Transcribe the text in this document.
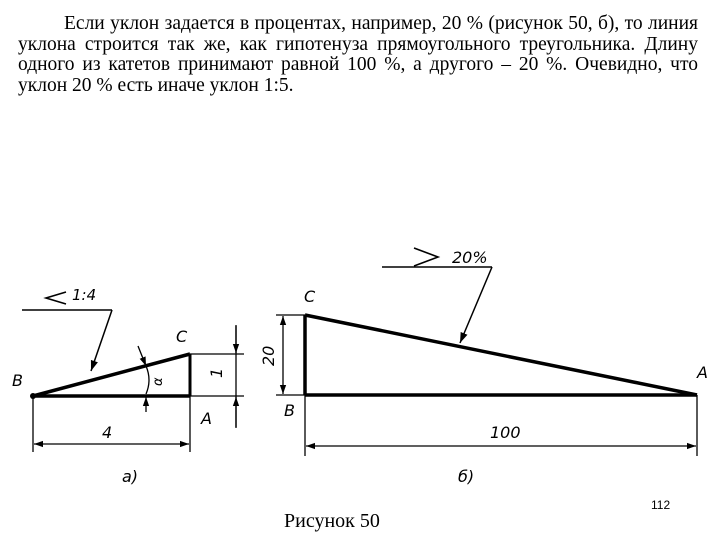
Если уклон задается в процентах, например, 20 % (рисунок 50, б), то линия уклона строится так же, как гипотенуза прямоугольного треугольника. Длину одного из катетов принимают равной 100 %, а другого – 20 %. Очевидно, что уклон 20 % есть иначе уклон 1:5.

1
4
α
1:4
B
C
A
а)
20
100
20%
C
B
A
б)
Рисунок 50
112
